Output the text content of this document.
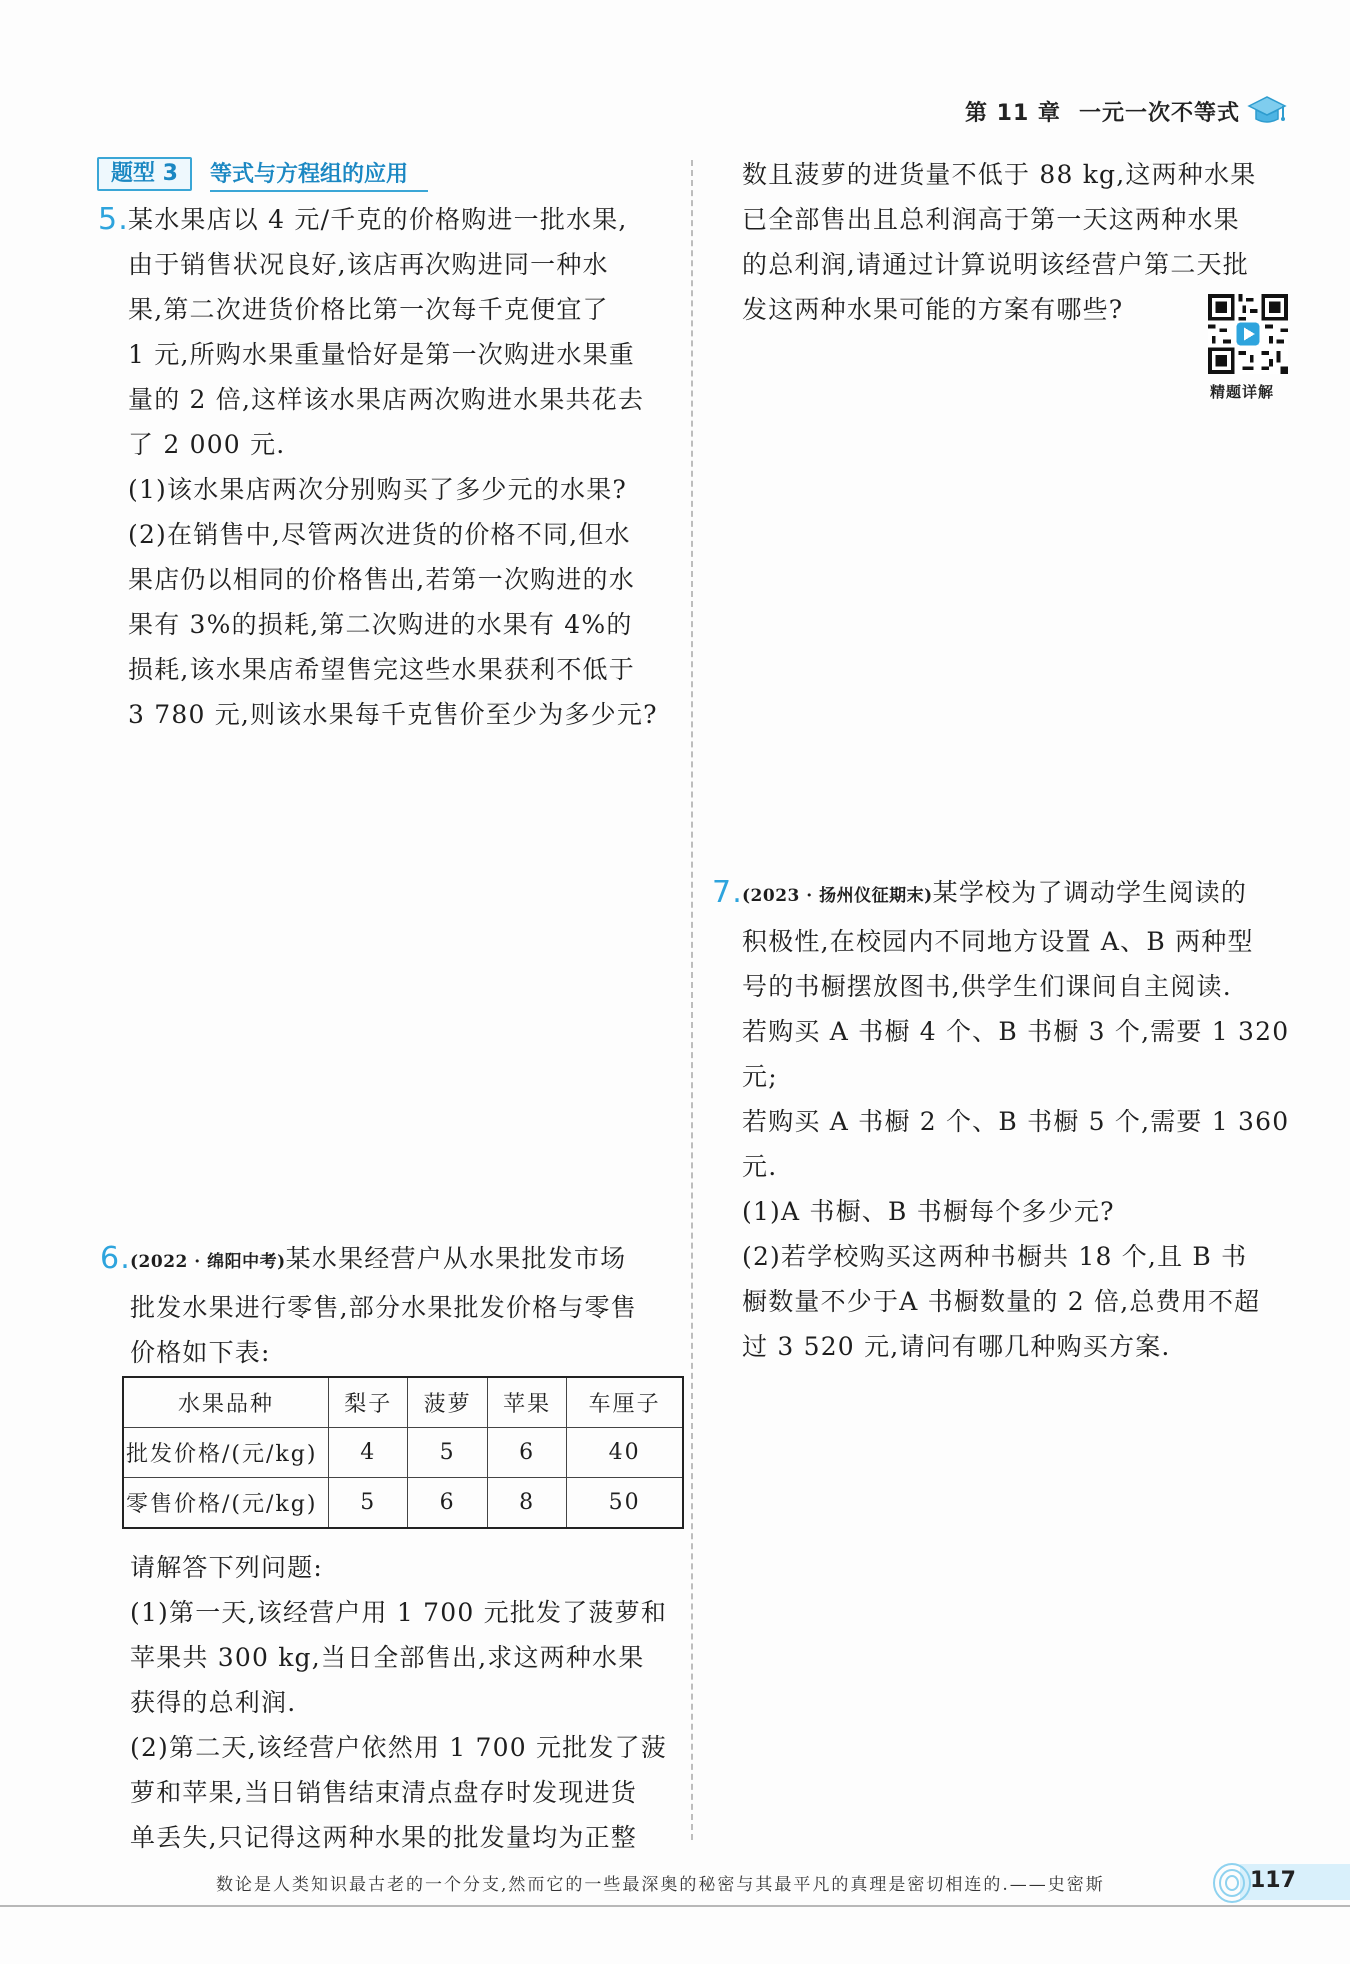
第 11 章 一元一次不等式
题型 3	等式与方程组的应用
5.

某水果店以 4 元/千克的价格购进一批水果,

由于销售状况良好,该店再次购进同一种水

果,第二次进货价格比第一次每千克便宜了

1 元,所购水果重量恰好是第一次购进水果重

量的 2 倍,这样该水果店两次购进水果共花去

了 2 000 元.

(1)该水果店两次分别购买了多少元的水果?

(2)在销售中,尽管两次进货的价格不同,但水

果店仍以相同的价格售出,若第一次购进的水

果有 3%的损耗,第二次购进的水果有 4%的

损耗,该水果店希望售完这些水果获利不低于

3 780 元,则该水果每千克售价至少为多少元?

6.

(2022 · 绵阳中考)某水果经营户从水果批发市场

批发水果进行零售,部分水果批发价格与零售

价格如下表:

水果品种	梨子	菠萝	苹果	车厘子
批发价格/(元/kg)	4	5	6	40
零售价格/(元/kg)	5	6	8	50

请解答下列问题:

(1)第一天,该经营户用 1 700 元批发了菠萝和

苹果共 300 kg,当日全部售出,求这两种水果

获得的总利润.

(2)第二天,该经营户依然用 1 700 元批发了菠

萝和苹果,当日销售结束清点盘存时发现进货

单丢失,只记得这两种水果的批发量均为正整

数且菠萝的进货量不低于 88 kg,这两种水果

已全部售出且总利润高于第一天这两种水果

的总利润,请通过计算说明该经营户第二天批

发这两种水果可能的方案有哪些?

精题详解
7.

(2023 · 扬州仪征期末)某学校为了调动学生阅读的

积极性,在校园内不同地方设置 A、B 两种型

号的书橱摆放图书,供学生们课间自主阅读.

若购买 A 书橱 4 个、B 书橱 3 个,需要 1 320 元;

若购买 A 书橱 2 个、B 书橱 5 个,需要 1 360 元.

(1)A 书橱、B 书橱每个多少元?

(2)若学校购买这两种书橱共 18 个,且 B 书

橱数量不少于A 书橱数量的 2 倍,总费用不超

过 3 520 元,请问有哪几种购买方案.

数论是人类知识最古老的一个分支,然而它的一些最深奥的秘密与其最平凡的真理是密切相连的.——史密斯	117
